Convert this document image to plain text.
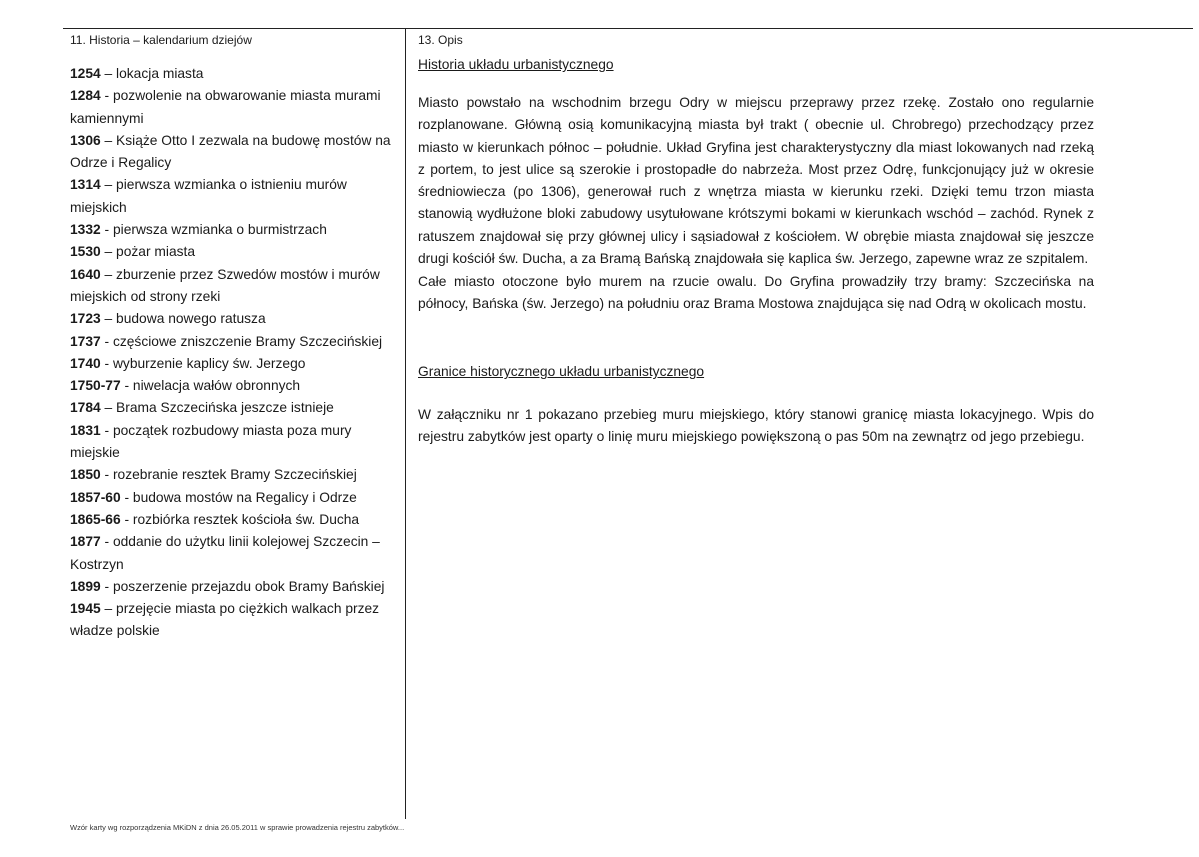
11. Historia – kalendarium dziejów	13. Opis

1254 – lokacja miasta

1284 - pozwolenie na obwarowanie miasta murami kamiennymi

1306 – Książe Otto I zezwala na budowę mostów na Odrze i Regalicy

1314 – pierwsza wzmianka o istnieniu murów miejskich

1332 - pierwsza wzmianka o burmistrzach

1530 – pożar miasta

1640 – zburzenie przez Szwedów mostów i murów miejskich od strony rzeki

1723 – budowa nowego ratusza

1737 - częściowe zniszczenie Bramy Szczecińskiej

1740 - wyburzenie kaplicy św. Jerzego

1750-77 - niwelacja wałów obronnych

1784 – Brama Szczecińska jeszcze istnieje

1831 - początek rozbudowy miasta poza mury miejskie

1850 - rozebranie resztek Bramy Szczecińskiej

1857-60 - budowa mostów na Regalicy i Odrze

1865-66 - rozbiórka resztek kościoła św. Ducha

1877 - oddanie do użytku linii kolejowej Szczecin – Kostrzyn

1899 - poszerzenie przejazdu obok Bramy Bańskiej

1945 – przejęcie miasta po ciężkich walkach przez władze polskie

Historia układu urbanistycznego

Miasto powstało na wschodnim brzegu Odry w miejscu przeprawy przez rzekę. Zostało ono regularnie rozplanowane. Główną osią komunikacyjną miasta był trakt ( obecnie ul. Chrobrego) przechodzący przez miasto w kierunkach północ – południe. Układ Gryfina jest charakterystyczny dla miast lokowanych nad rzeką z portem, to jest ulice są szerokie i prostopadłe do nabrzeża. Most przez Odrę, funkcjonujący już w okresie średniowiecza (po 1306), generował ruch z wnętrza miasta w kierunku rzeki. Dzięki temu trzon miasta stanowią wydłużone bloki zabudowy usytułowane krótszymi bokami w kierunkach wschód – zachód. Rynek z ratuszem znajdował się przy głównej ulicy i sąsiadował z kościołem. W obrębie miasta znajdował się jeszcze drugi kościół św. Ducha, a za Bramą Bańską znajdowała się kaplica św. Jerzego, zapewne wraz ze szpitalem.

Całe miasto otoczone było murem na rzucie owalu. Do Gryfina prowadziły trzy bramy: Szczecińska na północy, Bańska (św. Jerzego) na południu oraz Brama Mostowa znajdująca się nad Odrą w okolicach mostu.

Granice historycznego układu urbanistycznego

W załączniku nr 1 pokazano przebieg muru miejskiego, który stanowi granicę miasta lokacyjnego. Wpis do rejestru zabytków jest oparty o linię muru miejskiego powiększoną o pas 50m na zewnątrz od jego przebiegu.

Wzór karty wg rozporządzenia MKiDN z dnia 26.05.2011 w sprawie prowadzenia rejestru zabytków...
